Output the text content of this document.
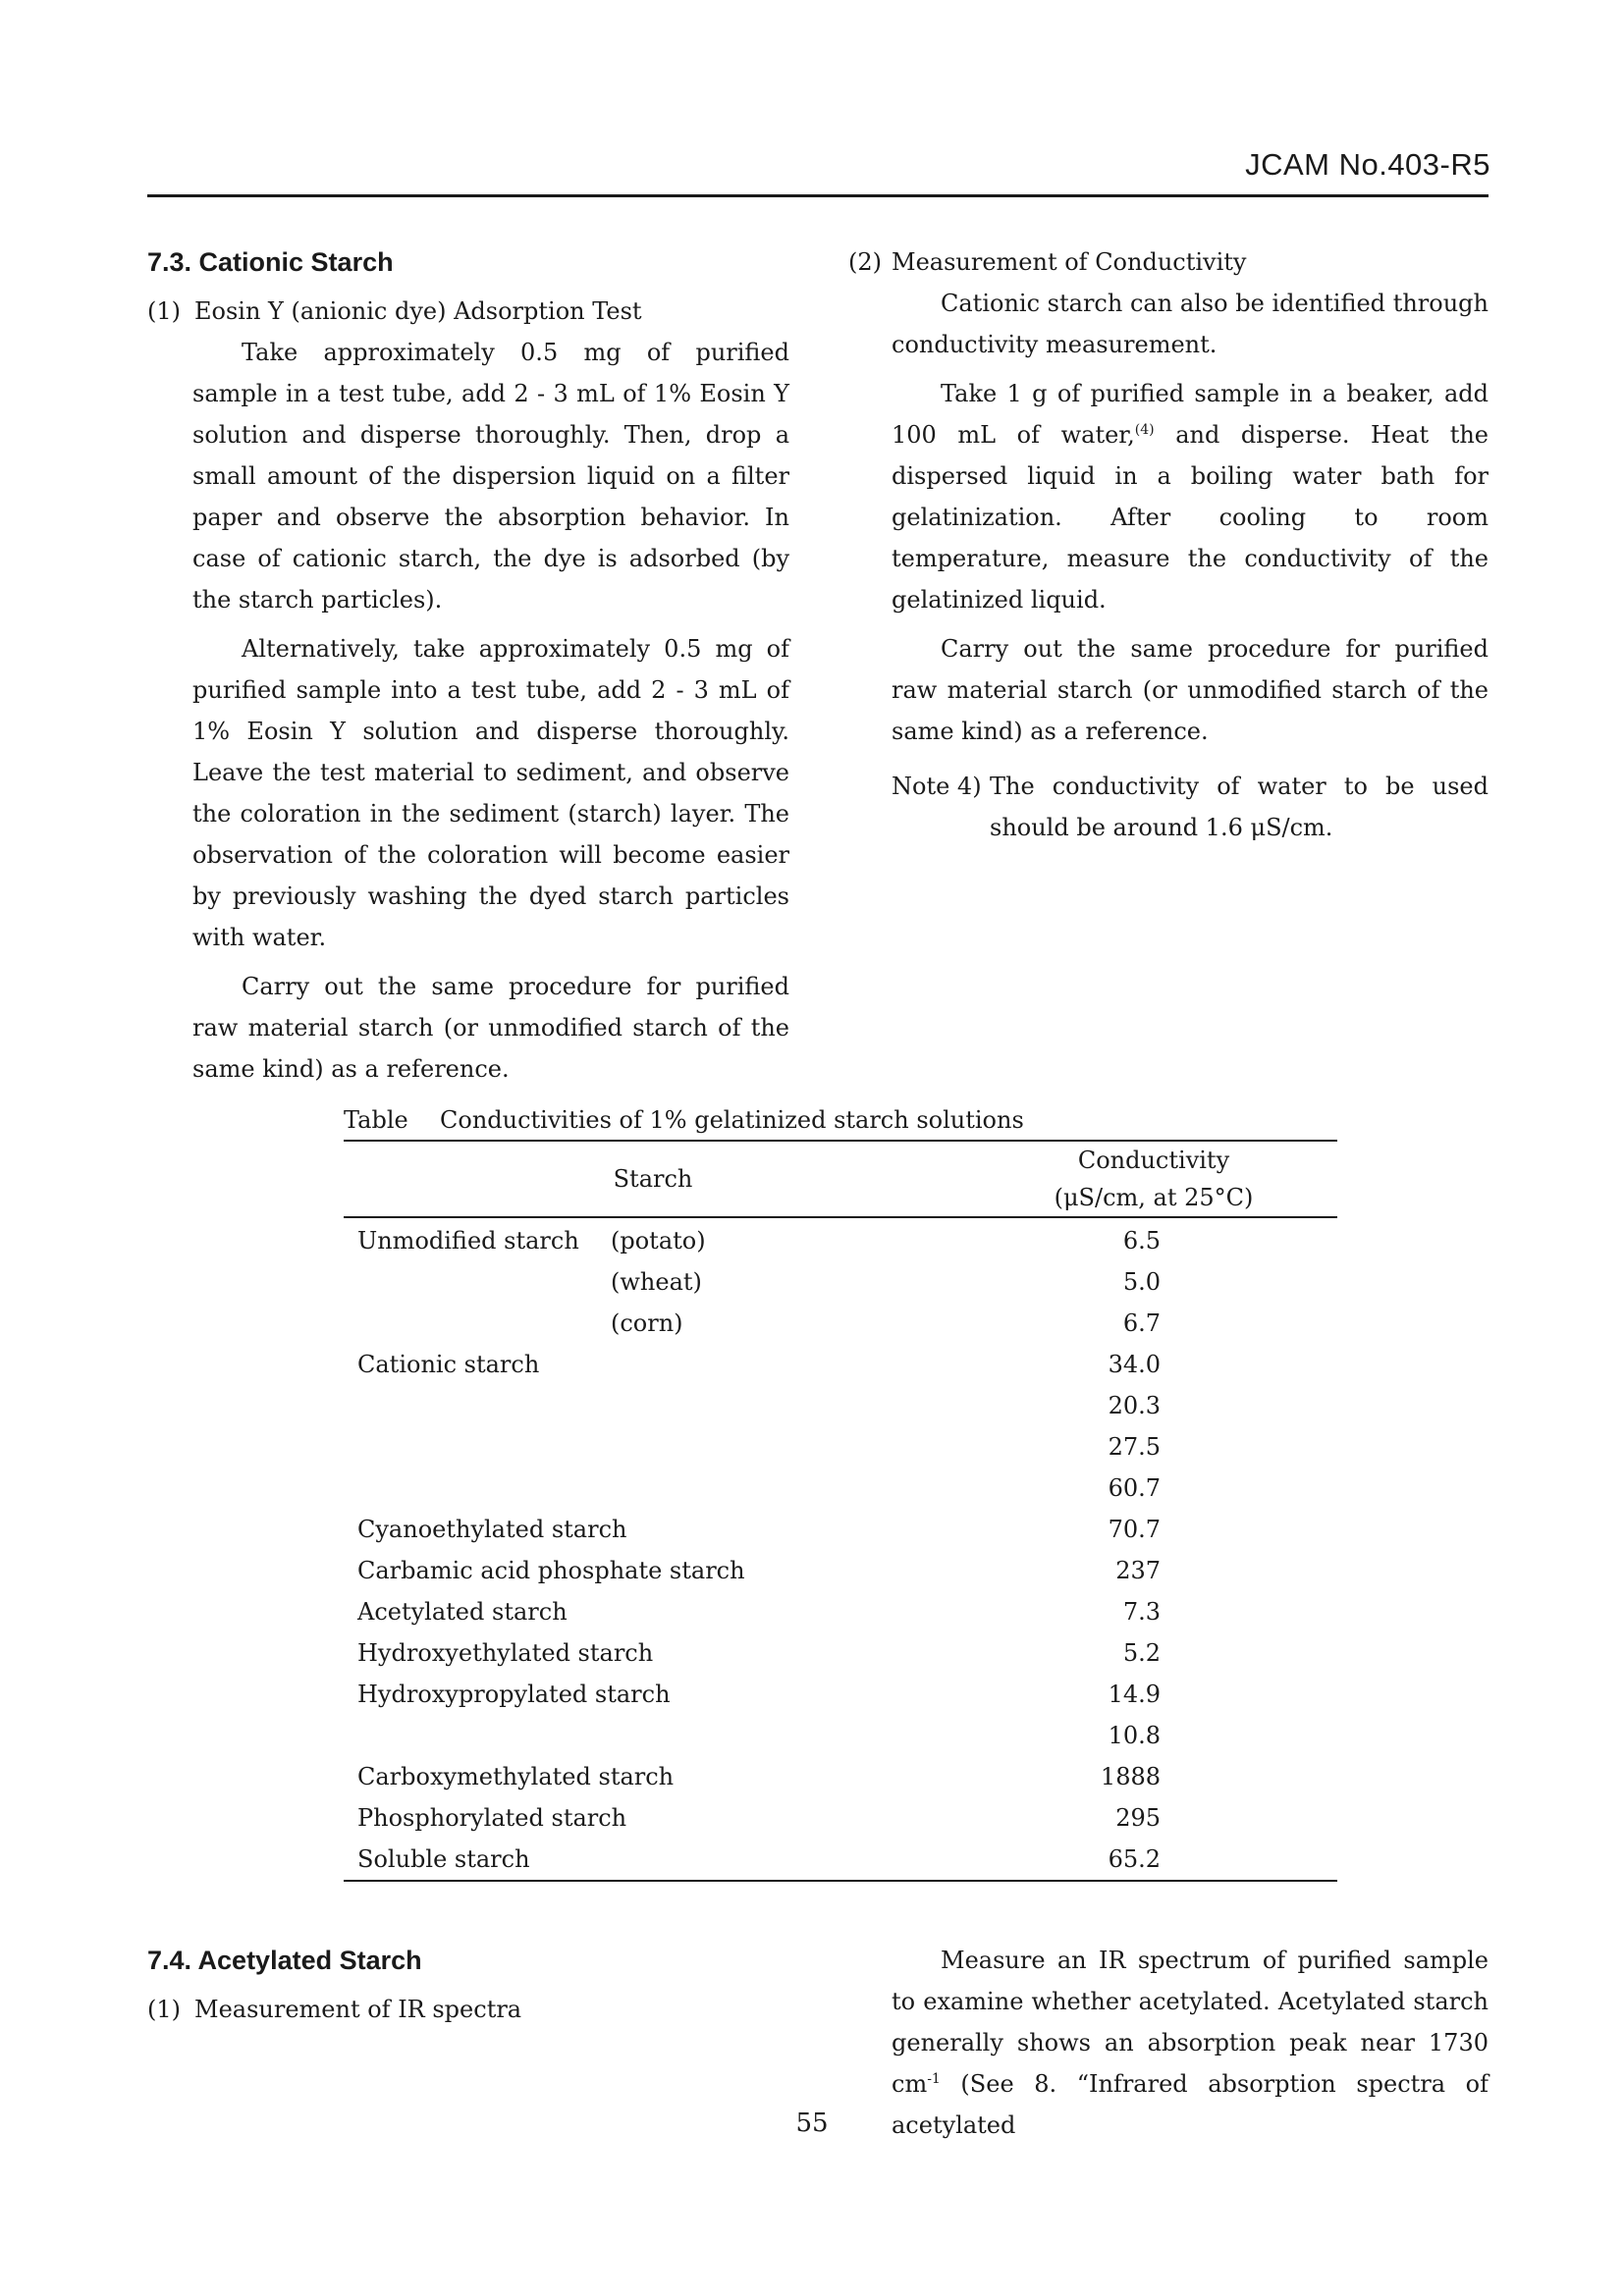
JCAM No.403-R5
7.3. Cationic Starch

(1) Eosin Y (anionic dye) Adsorption Test

Take approximately 0.5 mg of purified sample in a test tube, add 2 - 3 mL of 1% Eosin Y solution and disperse thoroughly. Then, drop a small amount of the dispersion liquid on a filter paper and observe the absorption behavior. In case of cationic starch, the dye is adsorbed (by the starch particles).

Alternatively, take approximately 0.5 mg of purified sample into a test tube, add 2 - 3 mL of 1% Eosin Y solution and disperse thoroughly. Leave the test material to sediment, and observe the coloration in the sediment (starch) layer. The observation of the coloration will become easier by previously washing the dyed starch particles with water.

Carry out the same procedure for purified raw material starch (or unmodified starch of the same kind) as a reference.

(2) Measurement of Conductivity

Cationic starch can also be identified through conductivity measurement.

Take 1 g of purified sample in a beaker, add 100 mL of water,$^{(4)}$ and disperse. Heat the dispersed liquid in a boiling water bath for gelatinization. After cooling to room temperature, measure the conductivity of the gelatinized liquid.

Carry out the same procedure for purified raw material starch (or unmodified starch of the same kind) as a reference.

Note 4) The conductivity of water to be used should be around 1.6 μS/cm.
Table Conductivities of 1% gelatinized starch solutions
Starch
Conductivity
(μS/cm, at 25°C)
Unmodified starch (potato)	6.5
(wheat)	5.0
(corn)	6.7
Cationic starch	34.0
20.3
27.5
60.7
Cyanoethylated starch	70.7
Carbamic acid phosphate starch	237
Acetylated starch	7.3
Hydroxyethylated starch	5.2
Hydroxypropylated starch	14.9
10.8
Carboxymethylated starch	1888
Phosphorylated starch	295
Soluble starch	65.2
7.4. Acetylated Starch

(1) Measurement of IR spectra

Measure an IR spectrum of purified sample to examine whether acetylated. Acetylated starch generally shows an absorption peak near 1730 $cm^{-1}$ (See 8. “Infrared absorption spectra of acetylated

55
